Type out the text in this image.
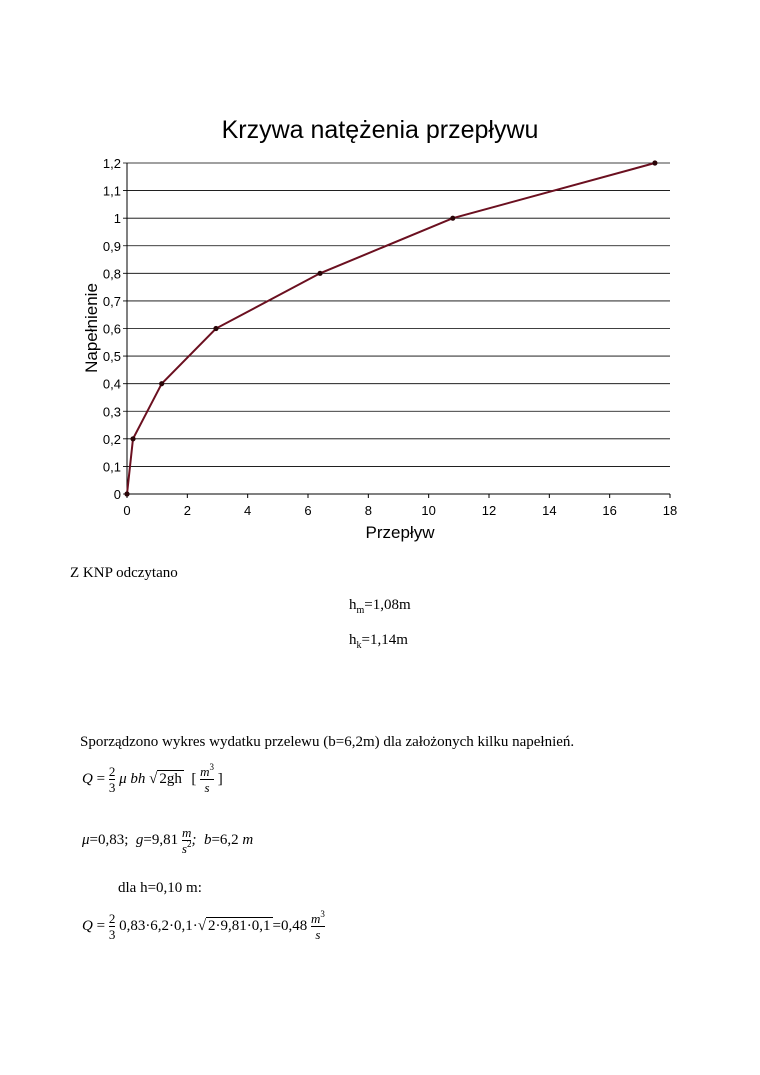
Krzywa natężenia przepływu
0
0,1
0,2
0,3
0,4
0,5
0,6
0,7
0,8
0,9
1
1,1
1,2
0	2	4	6	8	10	12	14	16	18
Przepływ
Napełnienie
Z KNP odczytano
$h_m=1,08m$
$h_k=1,14m$
Sporządzono wykres wydatku przelewu (b=6,2m) dla założonych kilku napełnień.
$Q = \frac{2}{3}$ μ bh √ 2gh [ $\frac{m^3}{s}$ ]
μ=0,83; $g=9,81 \frac{m}{s^2}$ ; b=6,2 m
dla h=0,10 m:
$Q = \frac{2}{3} 0,83\cdot 6,2\cdot 0,1\cdot√$ $2\cdot 9,81\cdot 0,1 =0,48 \frac{m^3}{s}$
